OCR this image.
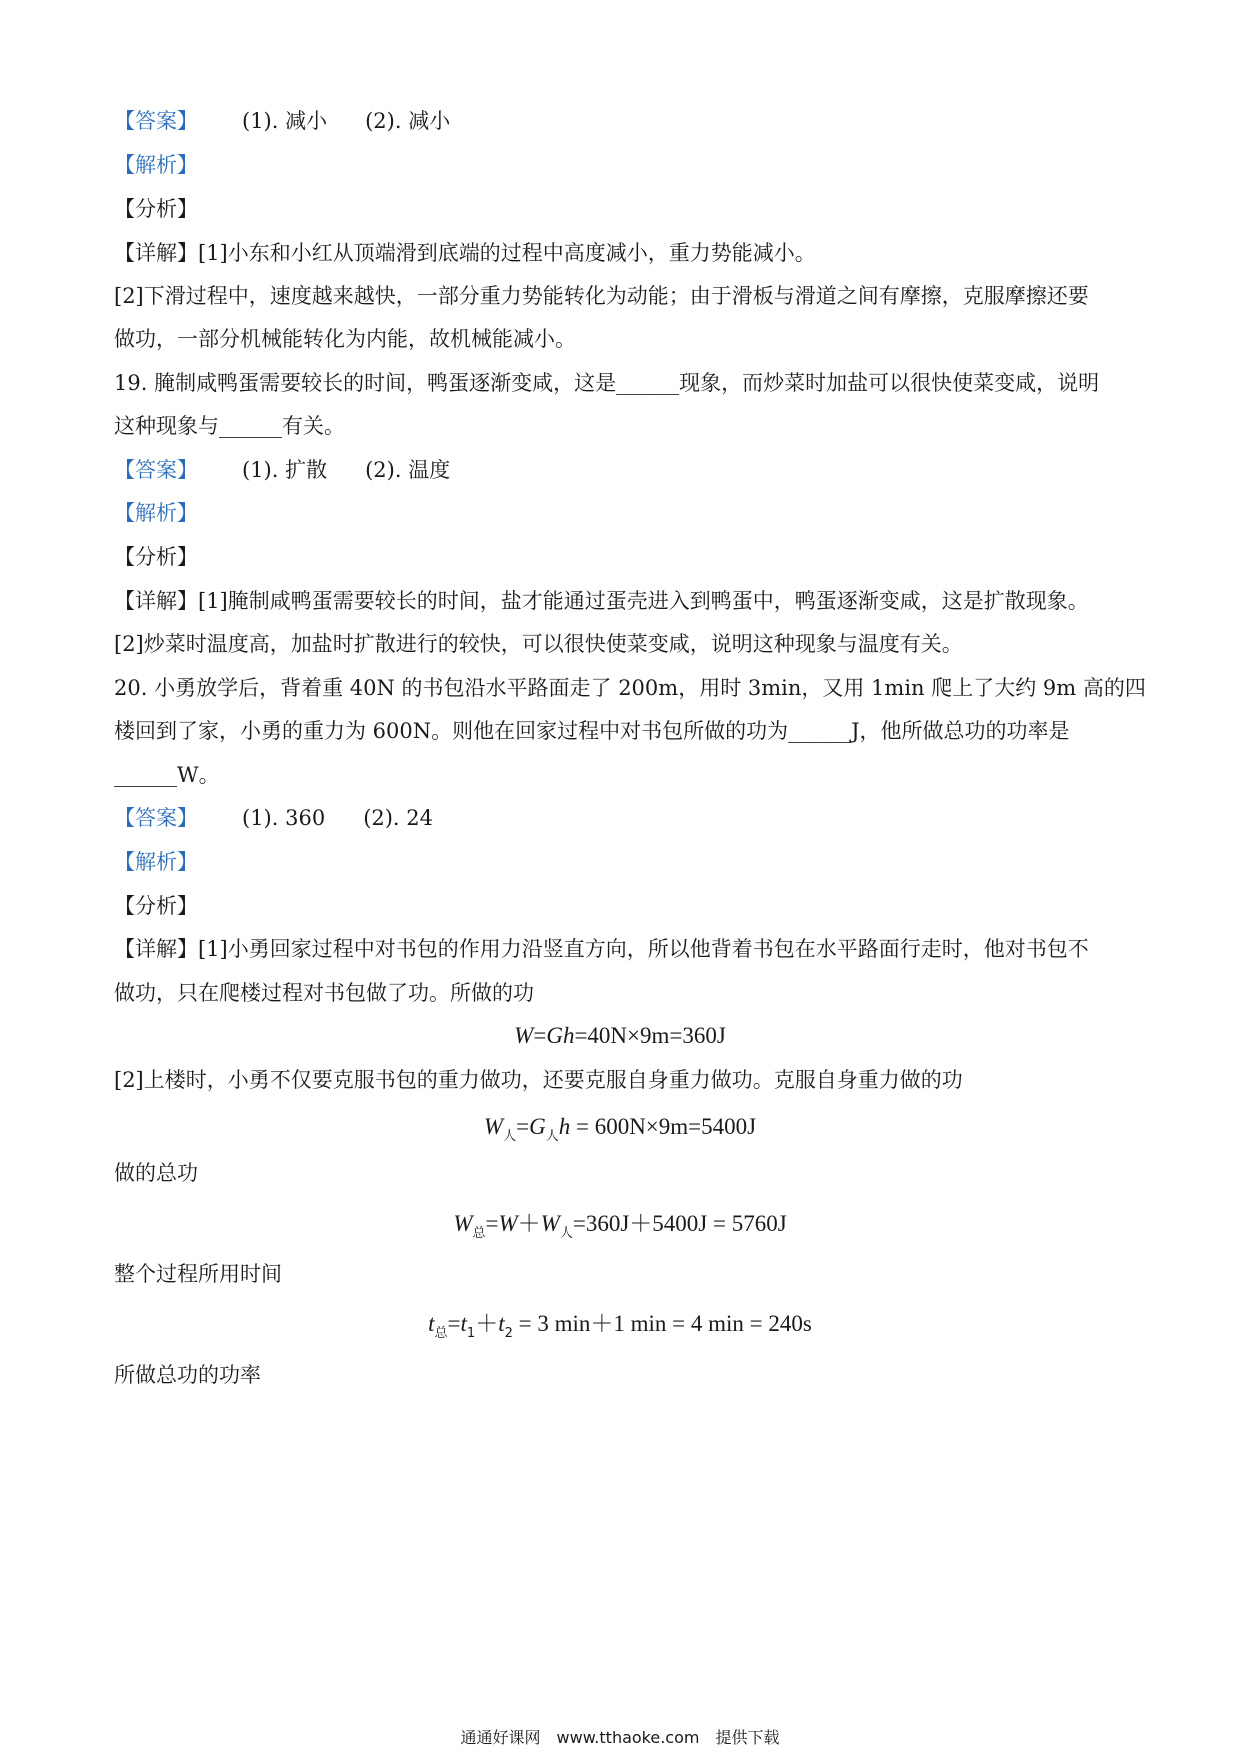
【答案】 (1). 减小 (2). 减小
【解析】
【分析】
【详解】[1]小东和小红从顶端滑到底端的过程中高度减小，重力势能减小。
[2]下滑过程中，速度越来越快，一部分重力势能转化为动能；由于滑板与滑道之间有摩擦，克服摩擦还要
做功，一部分机械能转化为内能，故机械能减小。
19. 腌制咸鸭蛋需要较长的时间，鸭蛋逐渐变咸，这是______现象，而炒菜时加盐可以很快使菜变咸，说明
这种现象与______有关。
【答案】 (1). 扩散 (2). 温度
【解析】
【分析】
【详解】[1]腌制咸鸭蛋需要较长的时间，盐才能通过蛋壳进入到鸭蛋中，鸭蛋逐渐变咸，这是扩散现象。
[2]炒菜时温度高，加盐时扩散进行的较快，可以很快使菜变咸，说明这种现象与温度有关。
20. 小勇放学后，背着重 40N 的书包沿水平路面走了 200m，用时 3min，又用 1min 爬上了大约 9m 高的四
楼回到了家，小勇的重力为 600N。则他在回家过程中对书包所做的功为______J，他所做总功的功率是
______W。
【答案】 (1). 360 (2). 24
【解析】
【分析】
【详解】[1]小勇回家过程中对书包的作用力沿竖直方向，所以他背着书包在水平路面行走时，他对书包不
做功，只在爬楼过程对书包做了功。所做的功
W=Gh=40N×9m=360J
[2]上楼时，小勇不仅要克服书包的重力做功，还要克服自身重力做功。克服自身重力做的功
$W_人=G_人h = 600N\times 9m=5400J$
做的总功
$W_总=W+W_人=360J+5400J = 5760J$
整个过程所用时间
$t_总=t_1+t_2 = 3$ min＋1 min = 4 min = 240s
所做总功的功率
通通好课网　www.tthaoke.com　提供下载
